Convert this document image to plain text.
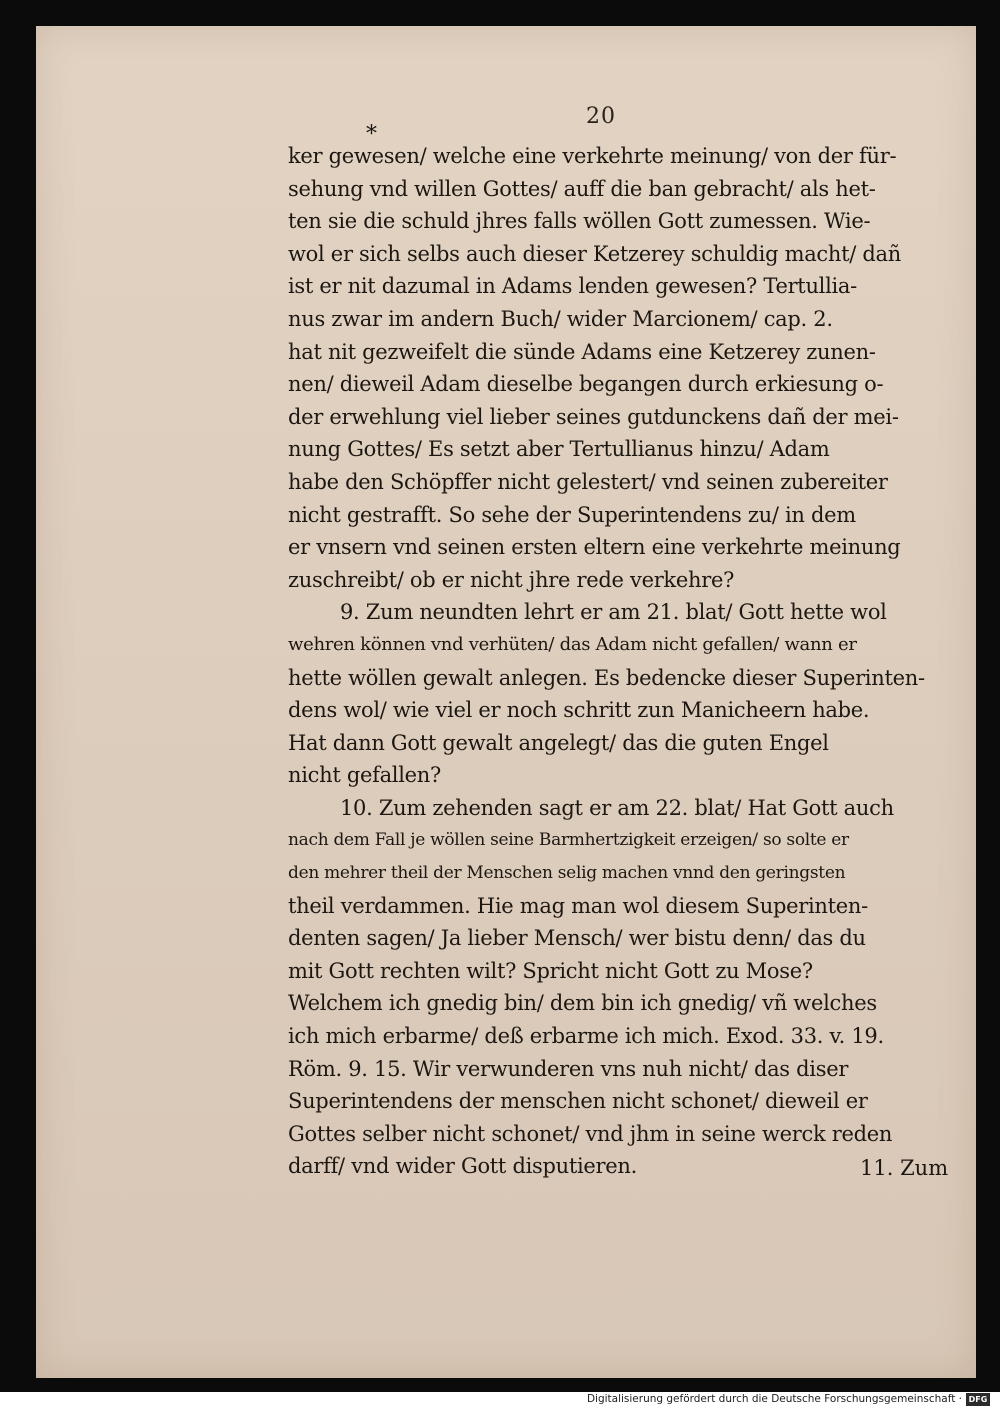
20
*
ker gewesen/ welche eine verkehrte meinung/ von der für-
sehung vnd willen Gottes/ auff die ban gebracht/ als het-
ten sie die schuld jhres falls wöllen Gott zumessen. Wie-
wol er sich selbs auch dieser Ketzerey schuldig macht/ dañ
ist er nit dazumal in Adams lenden gewesen? Tertullia-
nus zwar im andern Buch/ wider Marcionem/ cap. 2.
hat nit gezweifelt die sünde Adams eine Ketzerey zunen-
nen/ dieweil Adam dieselbe begangen durch erkiesung o-
der erwehlung viel lieber seines gutdunckens dañ der mei-
nung Gottes/ Es setzt aber Tertullianus hinzu/ Adam
habe den Schöpffer nicht gelestert/ vnd seinen zubereiter
nicht gestrafft. So sehe der Superintendens zu/ in dem
er vnsern vnd seinen ersten eltern eine verkehrte meinung
zuschreibt/ ob er nicht jhre rede verkehre?
9. Zum neundten lehrt er am 21. blat/ Gott hette wol
wehren können vnd verhüten/ das Adam nicht gefallen/ wann er
hette wöllen gewalt anlegen. Es bedencke dieser Superinten-
dens wol/ wie viel er noch schritt zun Manicheern habe.
Hat dann Gott gewalt angelegt/ das die guten Engel
nicht gefallen?
10. Zum zehenden sagt er am 22. blat/ Hat Gott auch
nach dem Fall je wöllen seine Barmhertzigkeit erzeigen/ so solte er
den mehrer theil der Menschen selig machen vnnd den geringsten
theil verdammen. Hie mag man wol diesem Superinten-
denten sagen/ Ja lieber Mensch/ wer bistu denn/ das du
mit Gott rechten wilt? Spricht nicht Gott zu Mose?
Welchem ich gnedig bin/ dem bin ich gnedig/ vñ welches
ich mich erbarme/ deß erbarme ich mich. Exod. 33. v. 19.
Röm. 9. 15. Wir verwunderen vns nuh nicht/ das diser
Superintendens der menschen nicht schonet/ dieweil er
Gottes selber nicht schonet/ vnd jhm in seine werck reden
darff/ vnd wider Gott disputieren.	11. Zum
Digitalisierung gefördert durch die Deutsche Forschungsgemeinschaft · DFG
